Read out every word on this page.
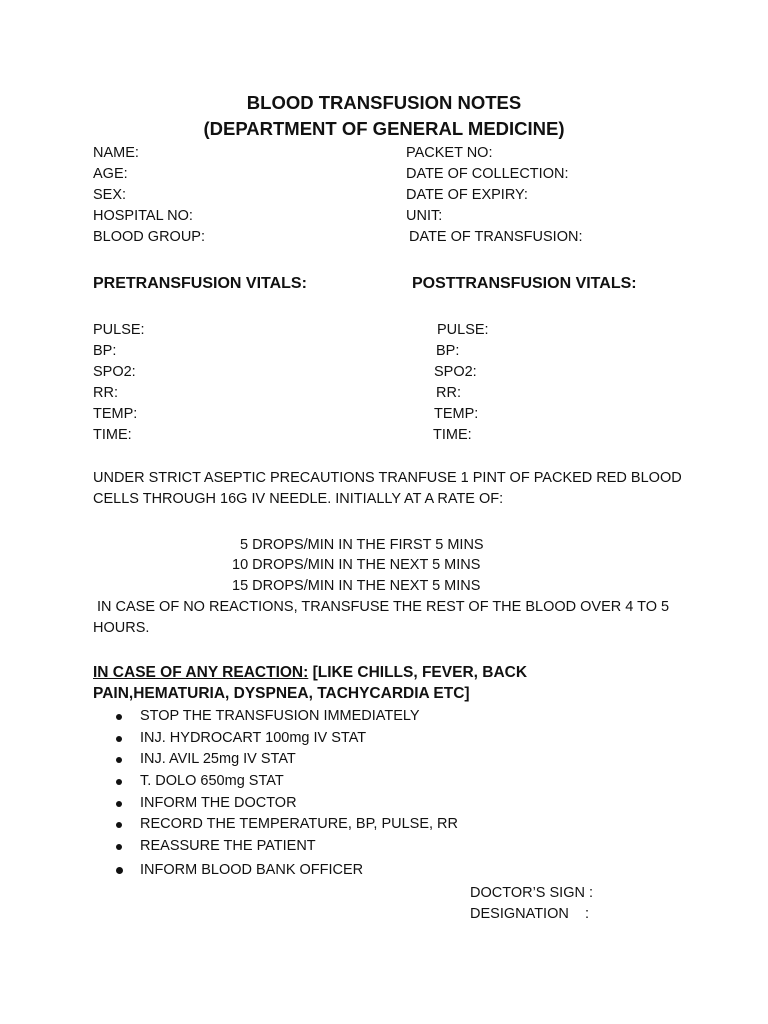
BLOOD TRANSFUSION NOTES
(DEPARTMENT OF GENERAL MEDICINE)
NAME:
AGE:
SEX:
HOSPITAL NO:
BLOOD GROUP:
PACKET NO:
DATE OF COLLECTION:
DATE OF EXPIRY:
UNIT:
DATE OF TRANSFUSION:
PRETRANSFUSION VITALS:	POSTTRANSFUSION VITALS:
PULSE:
BP:
SPO2:
RR:
TEMP:
TIME:
PULSE:
BP:
SPO2:
RR:
TEMP:
TIME:
UNDER STRICT ASEPTIC PRECAUTIONS TRANFUSE 1 PINT OF PACKED RED BLOOD CELLS THROUGH 16G IV NEEDLE. INITIALLY AT A RATE OF:
5 DROPS/MIN IN THE FIRST 5 MINS
10 DROPS/MIN IN THE NEXT 5 MINS
15 DROPS/MIN IN THE NEXT 5 MINS
IN CASE OF NO REACTIONS, TRANSFUSE THE REST OF THE BLOOD OVER 4 TO 5 HOURS.
IN CASE OF ANY REACTION: [LIKE CHILLS, FEVER, BACK PAIN,HEMATURIA, DYSPNEA, TACHYCARDIA ETC]
STOP THE TRANSFUSION IMMEDIATELY
INJ. HYDROCART 100mg IV STAT
INJ. AVIL 25mg IV STAT
T. DOLO 650mg STAT
INFORM THE DOCTOR
RECORD THE TEMPERATURE, BP, PULSE, RR
REASSURE THE PATIENT
INFORM BLOOD BANK OFFICER
DOCTOR’S SIGN :
DESIGNATION    :
